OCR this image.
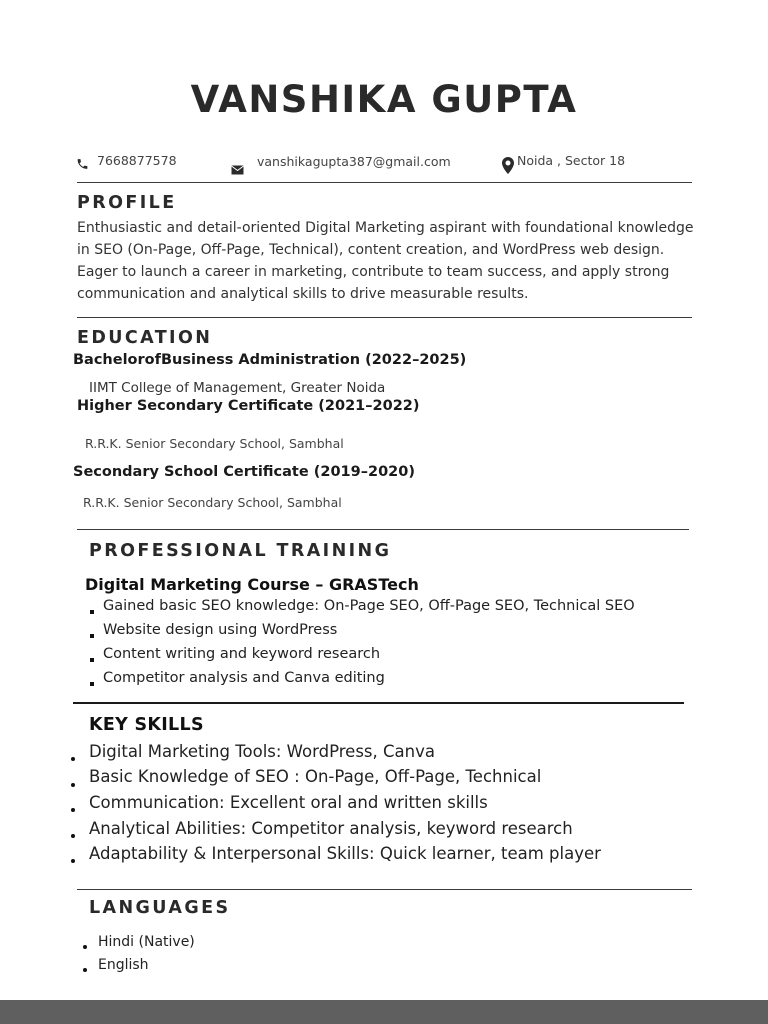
VANSHIKA GUPTA
7668877578	vanshikagupta387@gmail.com	Noida , Sector 18
PROFILE
Enthusiastic and detail-oriented Digital Marketing aspirant with foundational knowledge in SEO (On-Page, Off-Page, Technical), content creation, and WordPress web design. Eager to launch a career in marketing, contribute to team success, and apply strong communication and analytical skills to drive measurable results.
EDUCATION
BachelorofBusiness Administration (2022–2025)
IIMT College of Management, Greater Noida
Higher Secondary Certificate (2021–2022)
R.R.K. Senior Secondary School, Sambhal
Secondary School Certificate (2019–2020)
R.R.K. Senior Secondary School, Sambhal
PROFESSIONAL TRAINING
Digital Marketing Course – GRASTech
Gained basic SEO knowledge: On-Page SEO, Off-Page SEO, Technical SEO
Website design using WordPress
Content writing and keyword research
Competitor analysis and Canva editing
KEY SKILLS
Digital Marketing Tools: WordPress, Canva
Basic Knowledge of SEO : On-Page, Off-Page, Technical
Communication: Excellent oral and written skills
Analytical Abilities: Competitor analysis, keyword research
Adaptability & Interpersonal Skills: Quick learner, team player
LANGUAGES
Hindi (Native)
English
